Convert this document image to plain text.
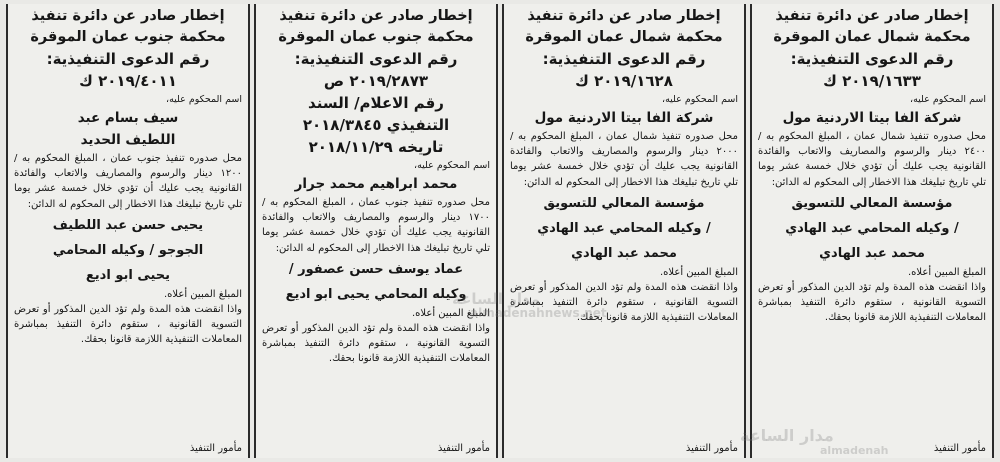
إخطار صادر عن دائرة تنفيذ
محكمة شمال عمان الموقرة
رقم الدعوى التنفيذية:
٢٠١٩/١٦٣٣ ك
اسم المحكوم عليه،
شركة الفا بيتا الاردنية مول
محل صدوره تنفيذ شمال عمان ، المبلغ المحكوم به / ٢٤٠٠ دينار والرسوم والمصاريف والاتعاب والفائدة القانونية يجب عليك أن تؤدي خلال خمسة عشر يوما تلي تاريخ تبليغك هذا الاخطار إلى المحكوم له الدائن:
مؤسسة المعالي للتسويق
/ وكيله المحامي عبد الهادي
محمد عبد الهادي
المبلغ المبين أعلاه.
واذا انقضت هذه المدة ولم تؤد الدين المذكور أو تعرض التسوية القانونية ، ستقوم دائرة التنفيذ بمباشرة المعاملات التنفيذية اللازمة قانونا بحقك.
مأمور التنفيذ
إخطار صادر عن دائرة تنفيذ
محكمة شمال عمان الموقرة
رقم الدعوى التنفيذية:
٢٠١٩/١٦٢٨ ك
اسم المحكوم عليه،
شركة الفا بيتا الاردنية مول
محل صدوره تنفيذ شمال عمان ، المبلغ المحكوم به / ٢٠٠٠ دينار والرسوم والمصاريف والاتعاب والفائدة القانونية يجب عليك أن تؤدي خلال خمسة عشر يوما تلي تاريخ تبليغك هذا الاخطار إلى المحكوم له الدائن:
مؤسسة المعالي للتسويق
/ وكيله المحامي عبد الهادي
محمد عبد الهادي
المبلغ المبين أعلاه.
واذا انقضت هذه المدة ولم تؤد الدين المذكور أو تعرض التسوية القانونية ، ستقوم دائرة التنفيذ بمباشرة المعاملات التنفيذية اللازمة قانونا بحقك.
مأمور التنفيذ
إخطار صادر عن دائرة تنفيذ
محكمة جنوب عمان الموقرة
رقم الدعوى التنفيذية:
٢٠١٩/٢٨٧٣ ص
رقم الاعلام/ السند
التنفيذي ٢٠١٨/٣٨٤٥
تاريخه ٢٠١٨/١١/٢٩
اسم المحكوم عليه،
محمد ابراهيم محمد جرار
محل صدوره تنفيذ جنوب عمان ، المبلغ المحكوم به / ١٧٠٠ دينار والرسوم والمصاريف والاتعاب والفائدة القانونية يجب عليك أن تؤدي خلال خمسة عشر يوما تلي تاريخ تبليغك هذا الاخطار إلى المحكوم له الدائن:
عماد يوسف حسن عصفور /
وكيله المحامي يحيى ابو اديع
المبلغ المبين أعلاه.
واذا انقضت هذه المدة ولم تؤد الدين المذكور أو تعرض التسوية القانونية ، ستقوم دائرة التنفيذ بمباشرة المعاملات التنفيذية اللازمة قانونا بحقك.
مأمور التنفيذ
إخطار صادر عن دائرة تنفيذ
محكمة جنوب عمان الموقرة
رقم الدعوى التنفيذية:
٢٠١٩/٤٠١١ ك
اسم المحكوم عليه،
سيف بسام عبد
اللطيف الحديد
محل صدوره تنفيذ جنوب عمان ، المبلغ المحكوم به / ١٢٠٠ دينار والرسوم والمصاريف والاتعاب والفائدة القانونية يجب عليك أن تؤدي خلال خمسة عشر يوما تلي تاريخ تبليغك هذا الاخطار إلى المحكوم له الدائن:
يحيى حسن عبد اللطيف
الجوجو / وكيله المحامي
يحيى ابو اديع
المبلغ المبين أعلاه.
واذا انقضت هذه المدة ولم تؤد الدين المذكور أو تعرض التسوية القانونية ، ستقوم دائرة التنفيذ بمباشرة المعاملات التنفيذية اللازمة قانونا بحقك.
مأمور التنفيذ
مدار الساعة
almadenahnews.net
مدار الساعة
almadenah
